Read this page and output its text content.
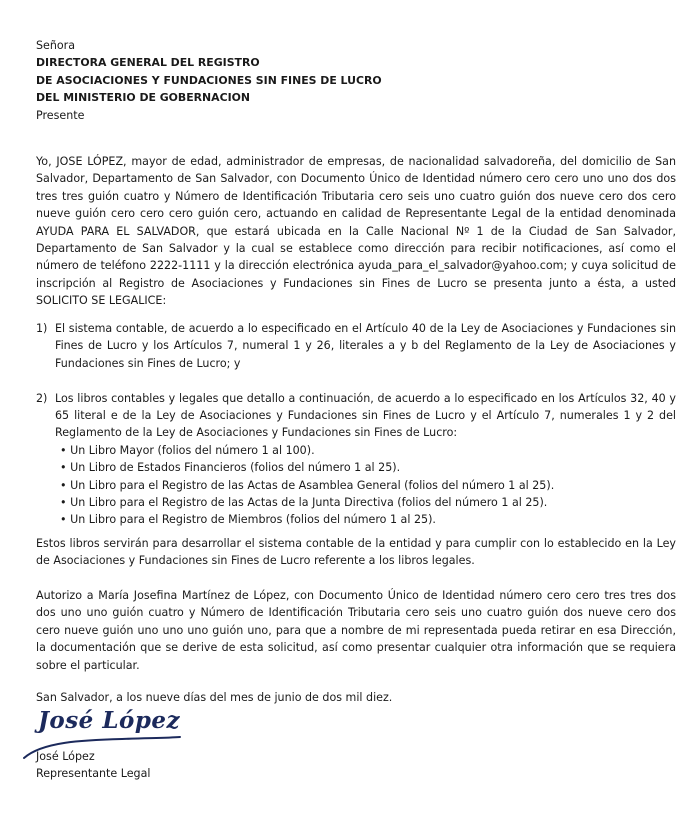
Señora
DIRECTORA GENERAL DEL REGISTRO
DE ASOCIACIONES Y FUNDACIONES SIN FINES DE LUCRO
DEL MINISTERIO DE GOBERNACION
Presente
Yo, JOSE LÓPEZ, mayor de edad, administrador de empresas, de nacionalidad salvadoreña, del domicilio de San Salvador, Departamento de San Salvador, con Documento Único de Identidad número cero cero uno uno dos dos tres tres guión cuatro y Número de Identificación Tributaria cero seis uno cuatro guión dos nueve cero dos cero nueve guión cero cero cero guión cero, actuando en calidad de Representante Legal de la entidad denominada AYUDA PARA EL SALVADOR, que estará ubicada en la Calle Nacional Nº 1 de la Ciudad de San Salvador, Departamento de San Salvador y la cual se establece como dirección para recibir notificaciones, así como el número de teléfono 2222-1111 y la dirección electrónica ayuda_para_el_salvador@yahoo.com; y cuya solicitud de inscripción al Registro de Asociaciones y Fundaciones sin Fines de Lucro se presenta junto a ésta, a usted SOLICITO SE LEGALICE:
1) El sistema contable, de acuerdo a lo especificado en el Artículo 40 de la Ley de Asociaciones y Fundaciones sin Fines de Lucro y los Artículos 7, numeral 1 y 26, literales a y b del Reglamento de la Ley de Asociaciones y Fundaciones sin Fines de Lucro; y
2) Los libros contables y legales que detallo a continuación, de acuerdo a lo especificado en los Artículos 32, 40 y 65 literal e de la Ley de Asociaciones y Fundaciones sin Fines de Lucro y el Artículo 7, numerales 1 y 2 del Reglamento de la Ley de Asociaciones y Fundaciones sin Fines de Lucro:
• Un Libro Mayor (folios del número 1 al 100).
• Un Libro de Estados Financieros (folios del número 1 al 25).
• Un Libro para el Registro de las Actas de Asamblea General (folios del número 1 al 25).
• Un Libro para el Registro de las Actas de la Junta Directiva (folios del número 1 al 25).
• Un Libro para el Registro de Miembros (folios del número 1 al 25).
Estos libros servirán para desarrollar el sistema contable de la entidad y para cumplir con lo establecido en la Ley de Asociaciones y Fundaciones sin Fines de Lucro referente a los libros legales.
Autorizo a María Josefina Martínez de López, con Documento Único de Identidad número cero cero tres tres dos dos uno uno guión cuatro y Número de Identificación Tributaria cero seis uno cuatro guión dos nueve cero dos cero nueve guión uno uno uno guión uno, para que a nombre de mi representada pueda retirar en esa Dirección, la documentación que se derive de esta solicitud, así como presentar cualquier otra información que se requiera sobre el particular.
San Salvador, a los nueve días del mes de junio de dos mil diez.
José López
José López
Representante Legal
